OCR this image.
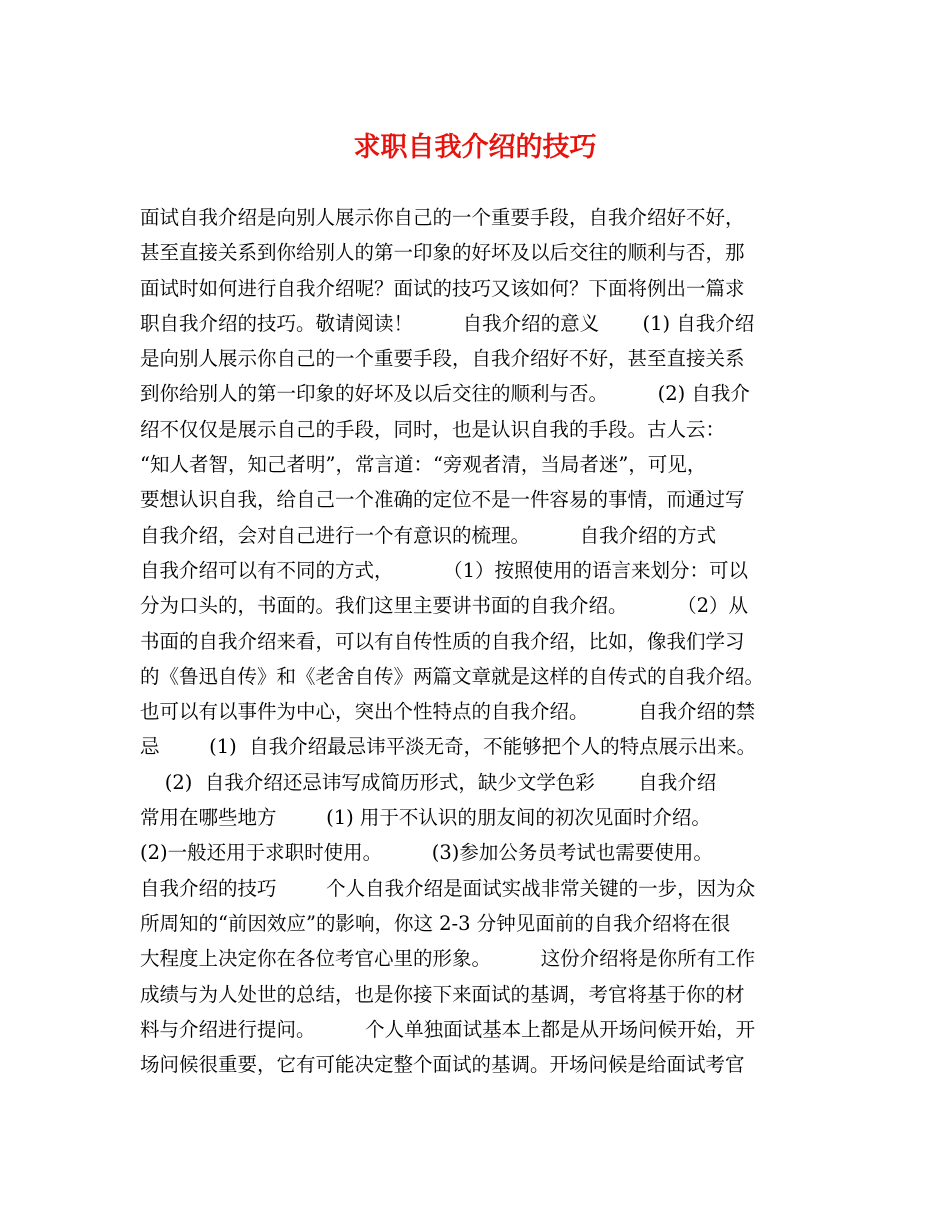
求职自我介绍的技巧
面试自我介绍是向别人展示你自己的一个重要手段，自我介绍好不好，
甚至直接关系到你给别人的第一印象的好坏及以后交往的顺利与否，那
面试时如何进行自我介绍呢？面试的技巧又该如何？下面将例出一篇求
职自我介绍的技巧。敬请阅读！        自我介绍的意义       (1) 自我介绍
是向别人展示你自己的一个重要手段，自我介绍好不好，甚至直接关系
到你给别人的第一印象的好坏及以后交往的顺利与否。        (2) 自我介
绍不仅仅是展示自己的手段，同时，也是认识自我的手段。古人云：
“知人者智，知己者明”，常言道：“旁观者清，当局者迷”，可见，
要想认识自我，给自己一个准确的定位不是一件容易的事情，而通过写
自我介绍，会对自己进行一个有意识的梳理。        自我介绍的方式
自我介绍可以有不同的方式，        （1）按照使用的语言来划分：可以
分为口头的，书面的。我们这里主要讲书面的自我介绍。        （2）从
书面的自我介绍来看，可以有自传性质的自我介绍，比如，像我们学习
的《鲁迅自传》和《老舍自传》两篇文章就是这样的自传式的自我介绍。
也可以有以事件为中心，突出个性特点的自我介绍。        自我介绍的禁
忌        (1)  自我介绍最忌讳平淡无奇，不能够把个人的特点展示出来。
(2)  自我介绍还忌讳写成简历形式，缺少文学色彩       自我介绍
常用在哪些地方        (1) 用于不认识的朋友间的初次见面时介绍。
(2)一般还用于求职时使用。        (3)参加公务员考试也需要使用。
自我介绍的技巧        个人自我介绍是面试实战非常关键的一步，因为众
所周知的“前因效应”的影响，你这 2-3 分钟见面前的自我介绍将在很
大程度上决定你在各位考官心里的形象。        这份介绍将是你所有工作
成绩与为人处世的总结，也是你接下来面试的基调，考官将基于你的材
料与介绍进行提问。        个人单独面试基本上都是从开场问候开始，开
场问候很重要，它有可能决定整个面试的基调。开场问候是给面试考官
